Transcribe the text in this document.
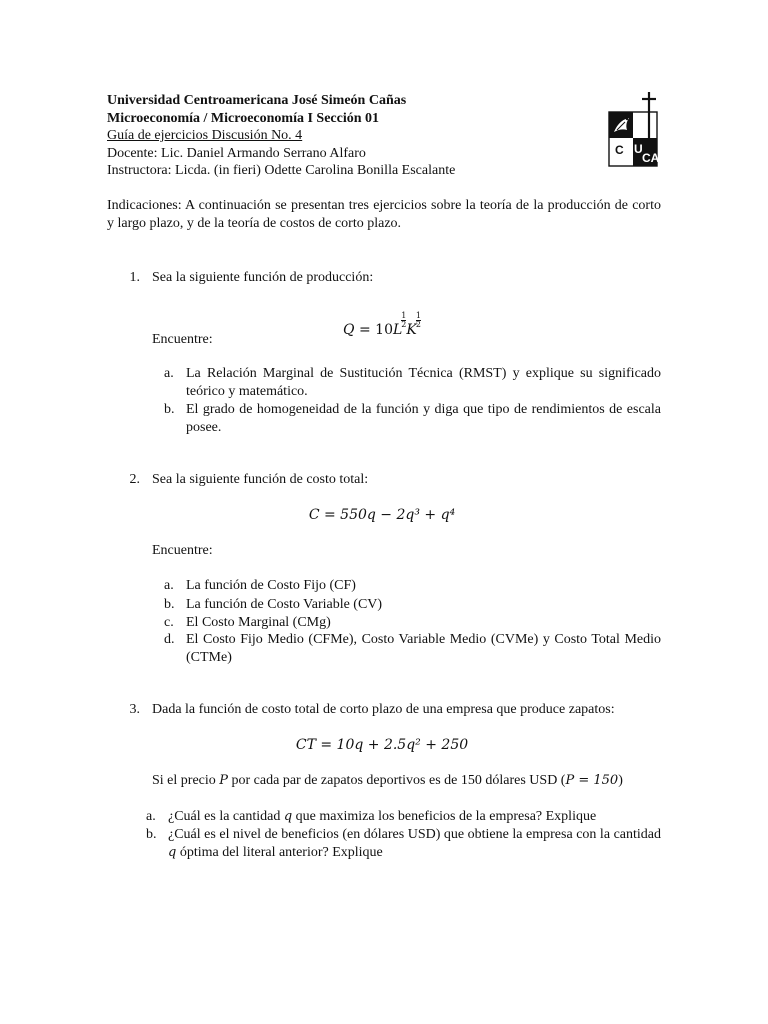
Universidad Centroamericana José Simeón Cañas
Microeconomía / Microeconomía I Sección 01
Guía de ejercicios Discusión No. 4
Docente: Lic. Daniel Armando Serrano Alfaro
Instructora: Licda. (in fieri) Odette Carolina Bonilla Escalante
U
CA
C
Indicaciones: A continuación se presentan tres ejercicios sobre la teoría de la producción de corto y largo plazo, y de la teoría de costos de corto plazo.
1. Sea la siguiente función de producción:
Q = 10L
$\frac{1}{2}$
K
$\frac{1}{2}$
Encuentre:
a. La Relación Marginal de Sustitución Técnica (RMST) y explique su significado teórico y matemático.
b. El grado de homogeneidad de la función y diga que tipo de rendimientos de escala posee.
2. Sea la siguiente función de costo total:
C = 550q − 2q³ + q⁴
Encuentre:
a. La función de Costo Fijo (CF)
b. La función de Costo Variable (CV)
c. El Costo Marginal (CMg)
d. El Costo Fijo Medio (CFMe), Costo Variable Medio (CVMe) y Costo Total Medio (CTMe)
3. Dada la función de costo total de corto plazo de una empresa que produce zapatos:
CT = 10q + 2.5q² + 250
Si el precio P por cada par de zapatos deportivos es de 150 dólares USD (P = 150)
a. ¿Cuál es la cantidad q que maximiza los beneficios de la empresa? Explique
b. ¿Cuál es el nivel de beneficios (en dólares USD) que obtiene la empresa con la cantidad q óptima del literal anterior? Explique
